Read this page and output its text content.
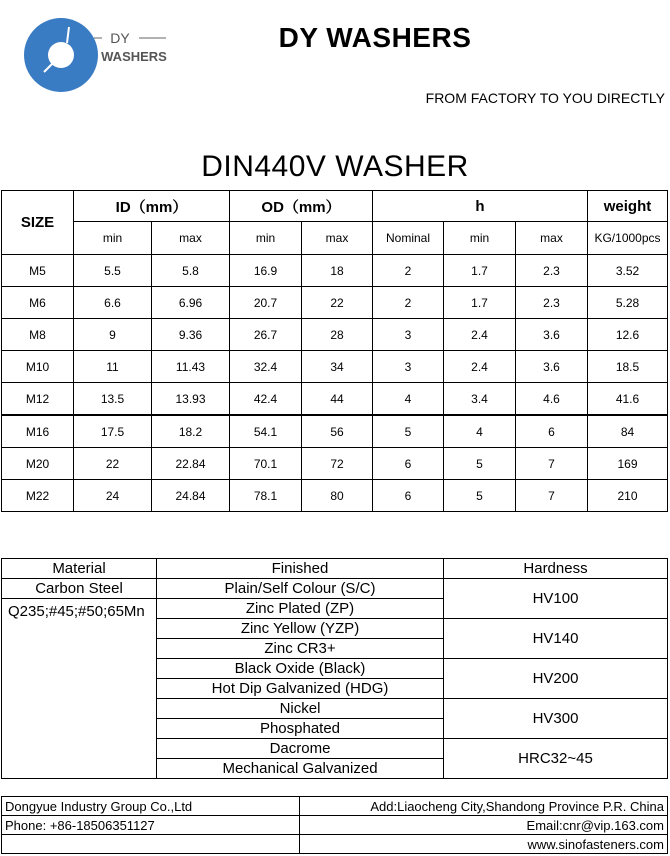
DY
WASHERS
DY WASHERS
FROM FACTORY TO YOU DIRECTLY
DIN440V WASHER
SIZE	ID（mm）		OD（mm）		h			weight
	min	max	min	max	Nominal	min	max	KG/1000pcs
M5	5.5	5.8	16.9	18	2	1.7	2.3	3.52
M6	6.6	6.96	20.7	22	2	1.7	2.3	5.28
M8	9	9.36	26.7	28	3	2.4	3.6	12.6
M10	11	11.43	32.4	34	3	2.4	3.6	18.5
M12	13.5	13.93	42.4	44	4	3.4	4.6	41.6
M16	17.5	18.2	54.1	56	5	4	6	84
M20	22	22.84	70.1	72	6	5	7	169
M22	24	24.84	78.1	80	6	5	7	210
Material	Finished	Hardness
Carbon Steel	Plain/Self Colour (S/C)	HV100
Q235;#45;#50;65Mn	Zinc Plated (ZP)	
	Zinc Yellow (YZP)	HV140
	Zinc CR3+	
	Black Oxide (Black)	HV200
	Hot Dip Galvanized (HDG)	
	Nickel	HV300
	Phosphated	
	Dacrome	HRC32~45
	Mechanical Galvanized	
Dongyue Industry Group Co.,Ltd	Add:Liaocheng City,Shandong Province P.R. China
Phone: +86-18506351127	Email:cnr@vip.163.com
	www.sinofasteners.com
